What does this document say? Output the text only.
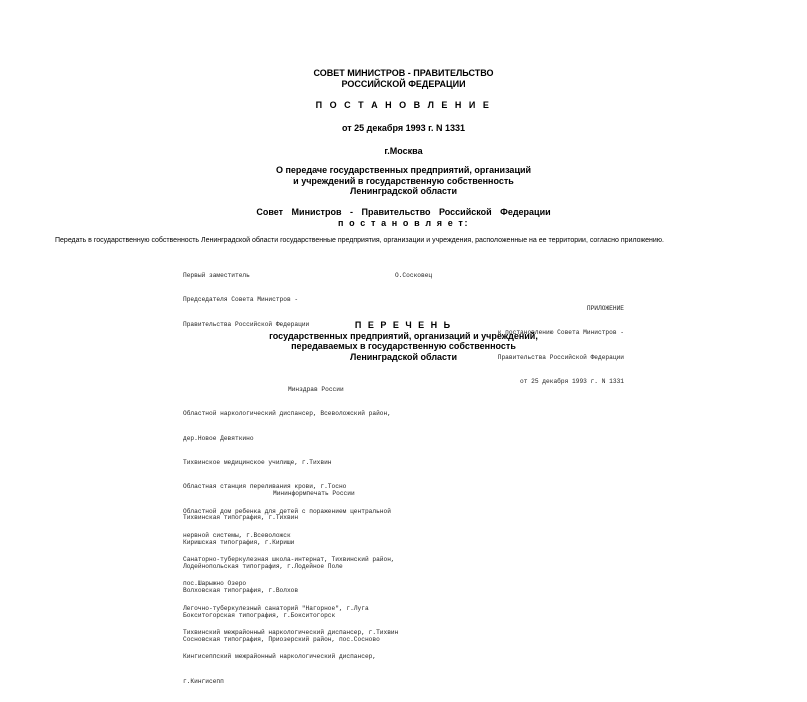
СОВЕТ МИНИСТРОВ - ПРАВИТЕЛЬСТВО
РОССИЙСКОЙ ФЕДЕРАЦИИ
П О С Т А Н О В Л Е Н И Е
от 25 декабря 1993 г. N 1331
г.Москва
О передаче государственных предприятий, организаций
и учреждений в государственную собственность
Ленинградской области
Совет Министров - Правительство Российской Федерации
п о с т а н о в л я е т:
Передать в государственную собственность Ленинградской области государственные предприятия, организации и учреждения, расположенные на ее территории, согласно приложению.

Первый заместитель

Председателя Совета Министров -

Правительства Российской Федерации

О.Сосковец

ПРИЛОЖЕНИЕ

к постановлению Совета Министров -

Правительства Российской Федерации

от 25 декабря 1993 г. N 1331

П Е Р Е Ч Е Н Ь
государственных предприятий, организаций и учреждений,
передаваемых в государственную собственность
Ленинградской области

Минздрав России

Областной наркологический диспансер, Всеволожский район,

дер.Новое Девяткино

Тихвинское медицинское училище, г.Тихвин

Областная станция переливания крови, г.Тосно

Областной дом ребенка для детей с поражением центральной

нервной системы, г.Всеволожск

Санаторно-туберкулезная школа-интернат, Тихвинский район,

пос.Шарыжно Озеро

Легочно-туберкулезный санаторий "Нагорное", г.Луга

Тихвинский межрайонный наркологический диспансер, г.Тихвин

Кингисеппский межрайонный наркологический диспансер,

г.Кингисепп

Мининформпечать России

Тихвинская типография, г.Тихвин

Киришская типография, г.Кириши

Лодейнопольская типография, г.Лодейное Поле

Волховская типография, г.Волхов

Бокситогорская типография, г.Бокситогорск

Сосновская типография, Приозерский район, пос.Сосново
